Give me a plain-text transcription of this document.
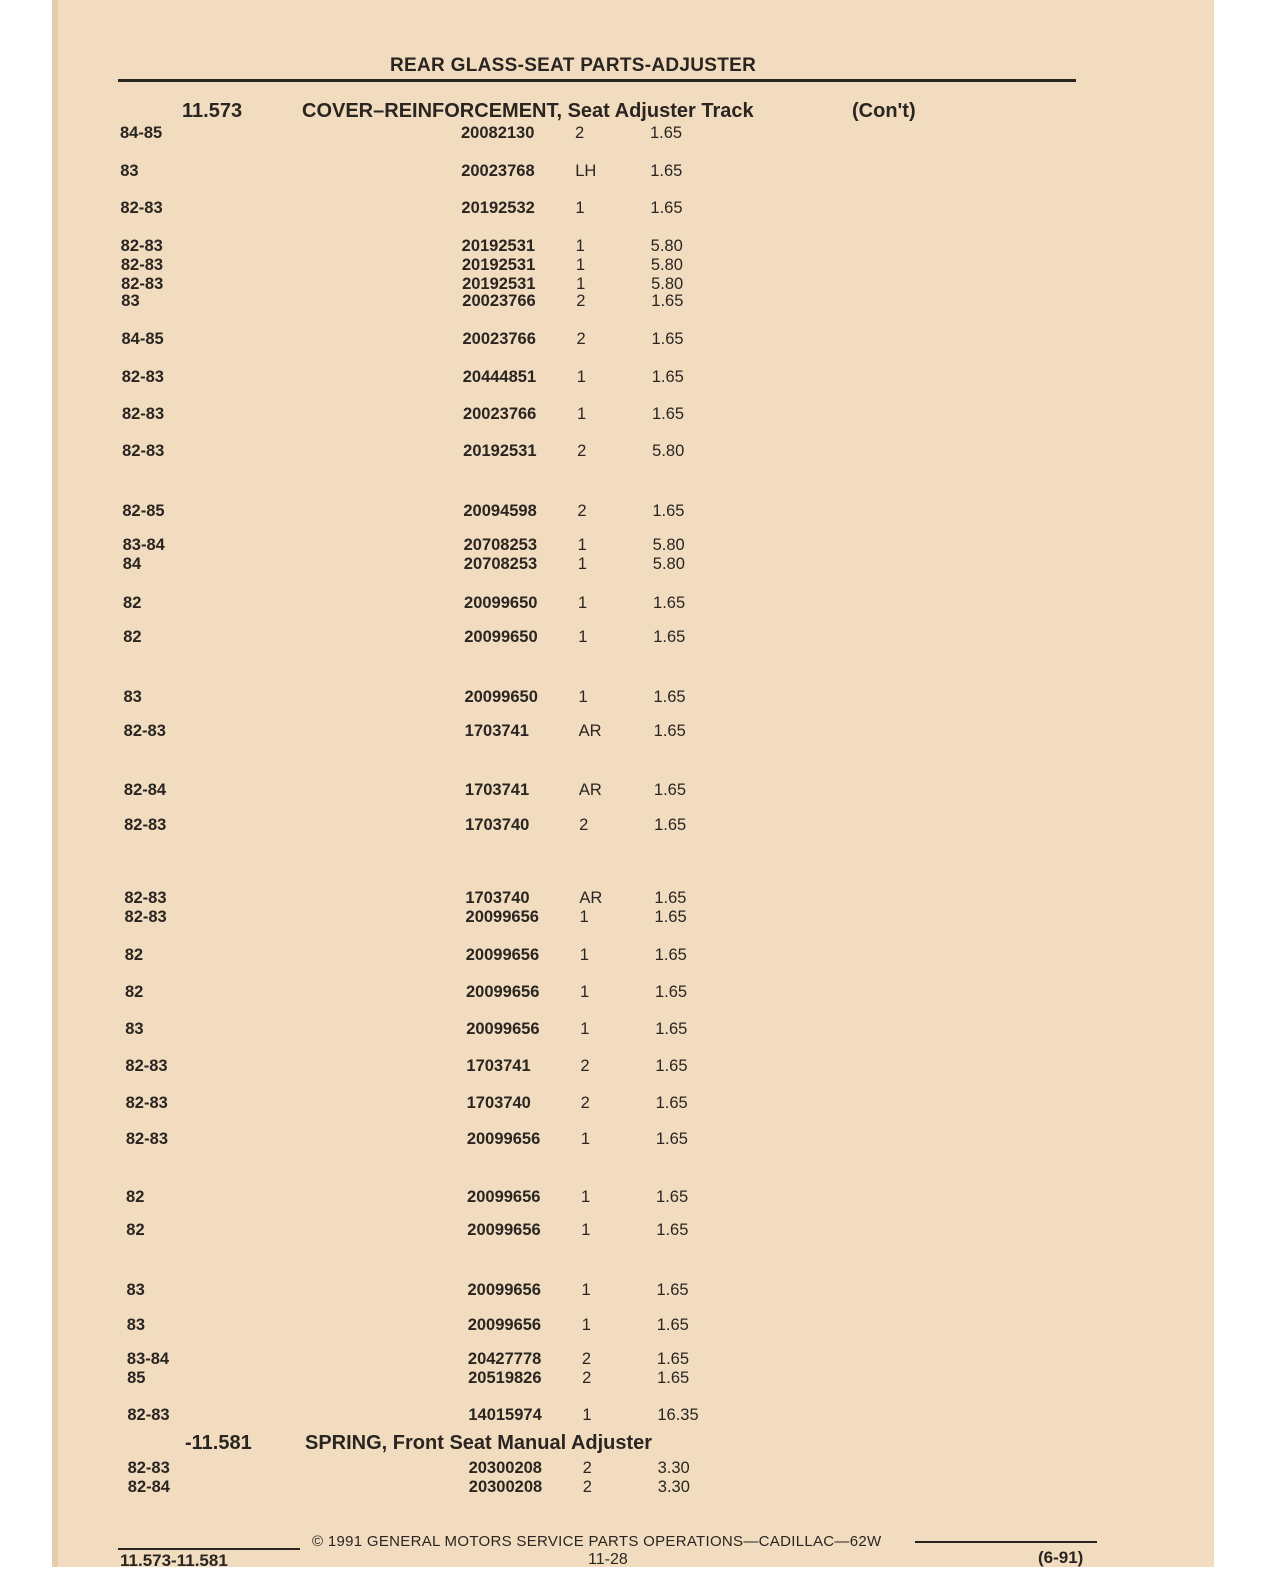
REAR GLASS-SEAT PARTS-ADJUSTER
11.573	COVER–REINFORCEMENT, Seat Adjuster Track	(Con't)
-11.581	SPRING, Front Seat Manual Adjuster
84-85	20082130 2	1.65
83	20023768 LH	1.65
82-83	20192532 1	1.65
82-83	20192531 1	5.80
82-83	20192531 1	5.80
82-83	20192531 1	5.80
83	20023766 2	1.65
84-85	20023766 2	1.65
82-83	20444851 1	1.65
82-83	20023766 1	1.65
82-83	20192531 2	5.80
82-85	20094598 2	1.65
83-84	20708253 1	5.80
84	20708253 1	5.80
82	20099650 1	1.65
82	20099650 1	1.65
83	20099650 1	1.65
82-83	1703741	AR	1.65
82-84	1703741	AR	1.65
82-83	1703740	2	1.65
82-83	1703740	AR	1.65
82-83	20099656 1	1.65
82	20099656 1	1.65
82	20099656 1	1.65
83	20099656 1	1.65
82-83	1703741	2	1.65
82-83	1703740	2	1.65
82-83	20099656 1	1.65
82	20099656 1	1.65
82	20099656 1	1.65
83	20099656 1	1.65
83	20099656 1	1.65
83-84	20427778 2	1.65
85	20519826 2	1.65
82-83	14015974 1	16.35
82-83	20300208 2	3.30
82-84	20300208 2	3.30
© 1991 GENERAL MOTORS SERVICE PARTS OPERATIONS—CADILLAC—62W
11.573-11.581	11-28	(6-91)
